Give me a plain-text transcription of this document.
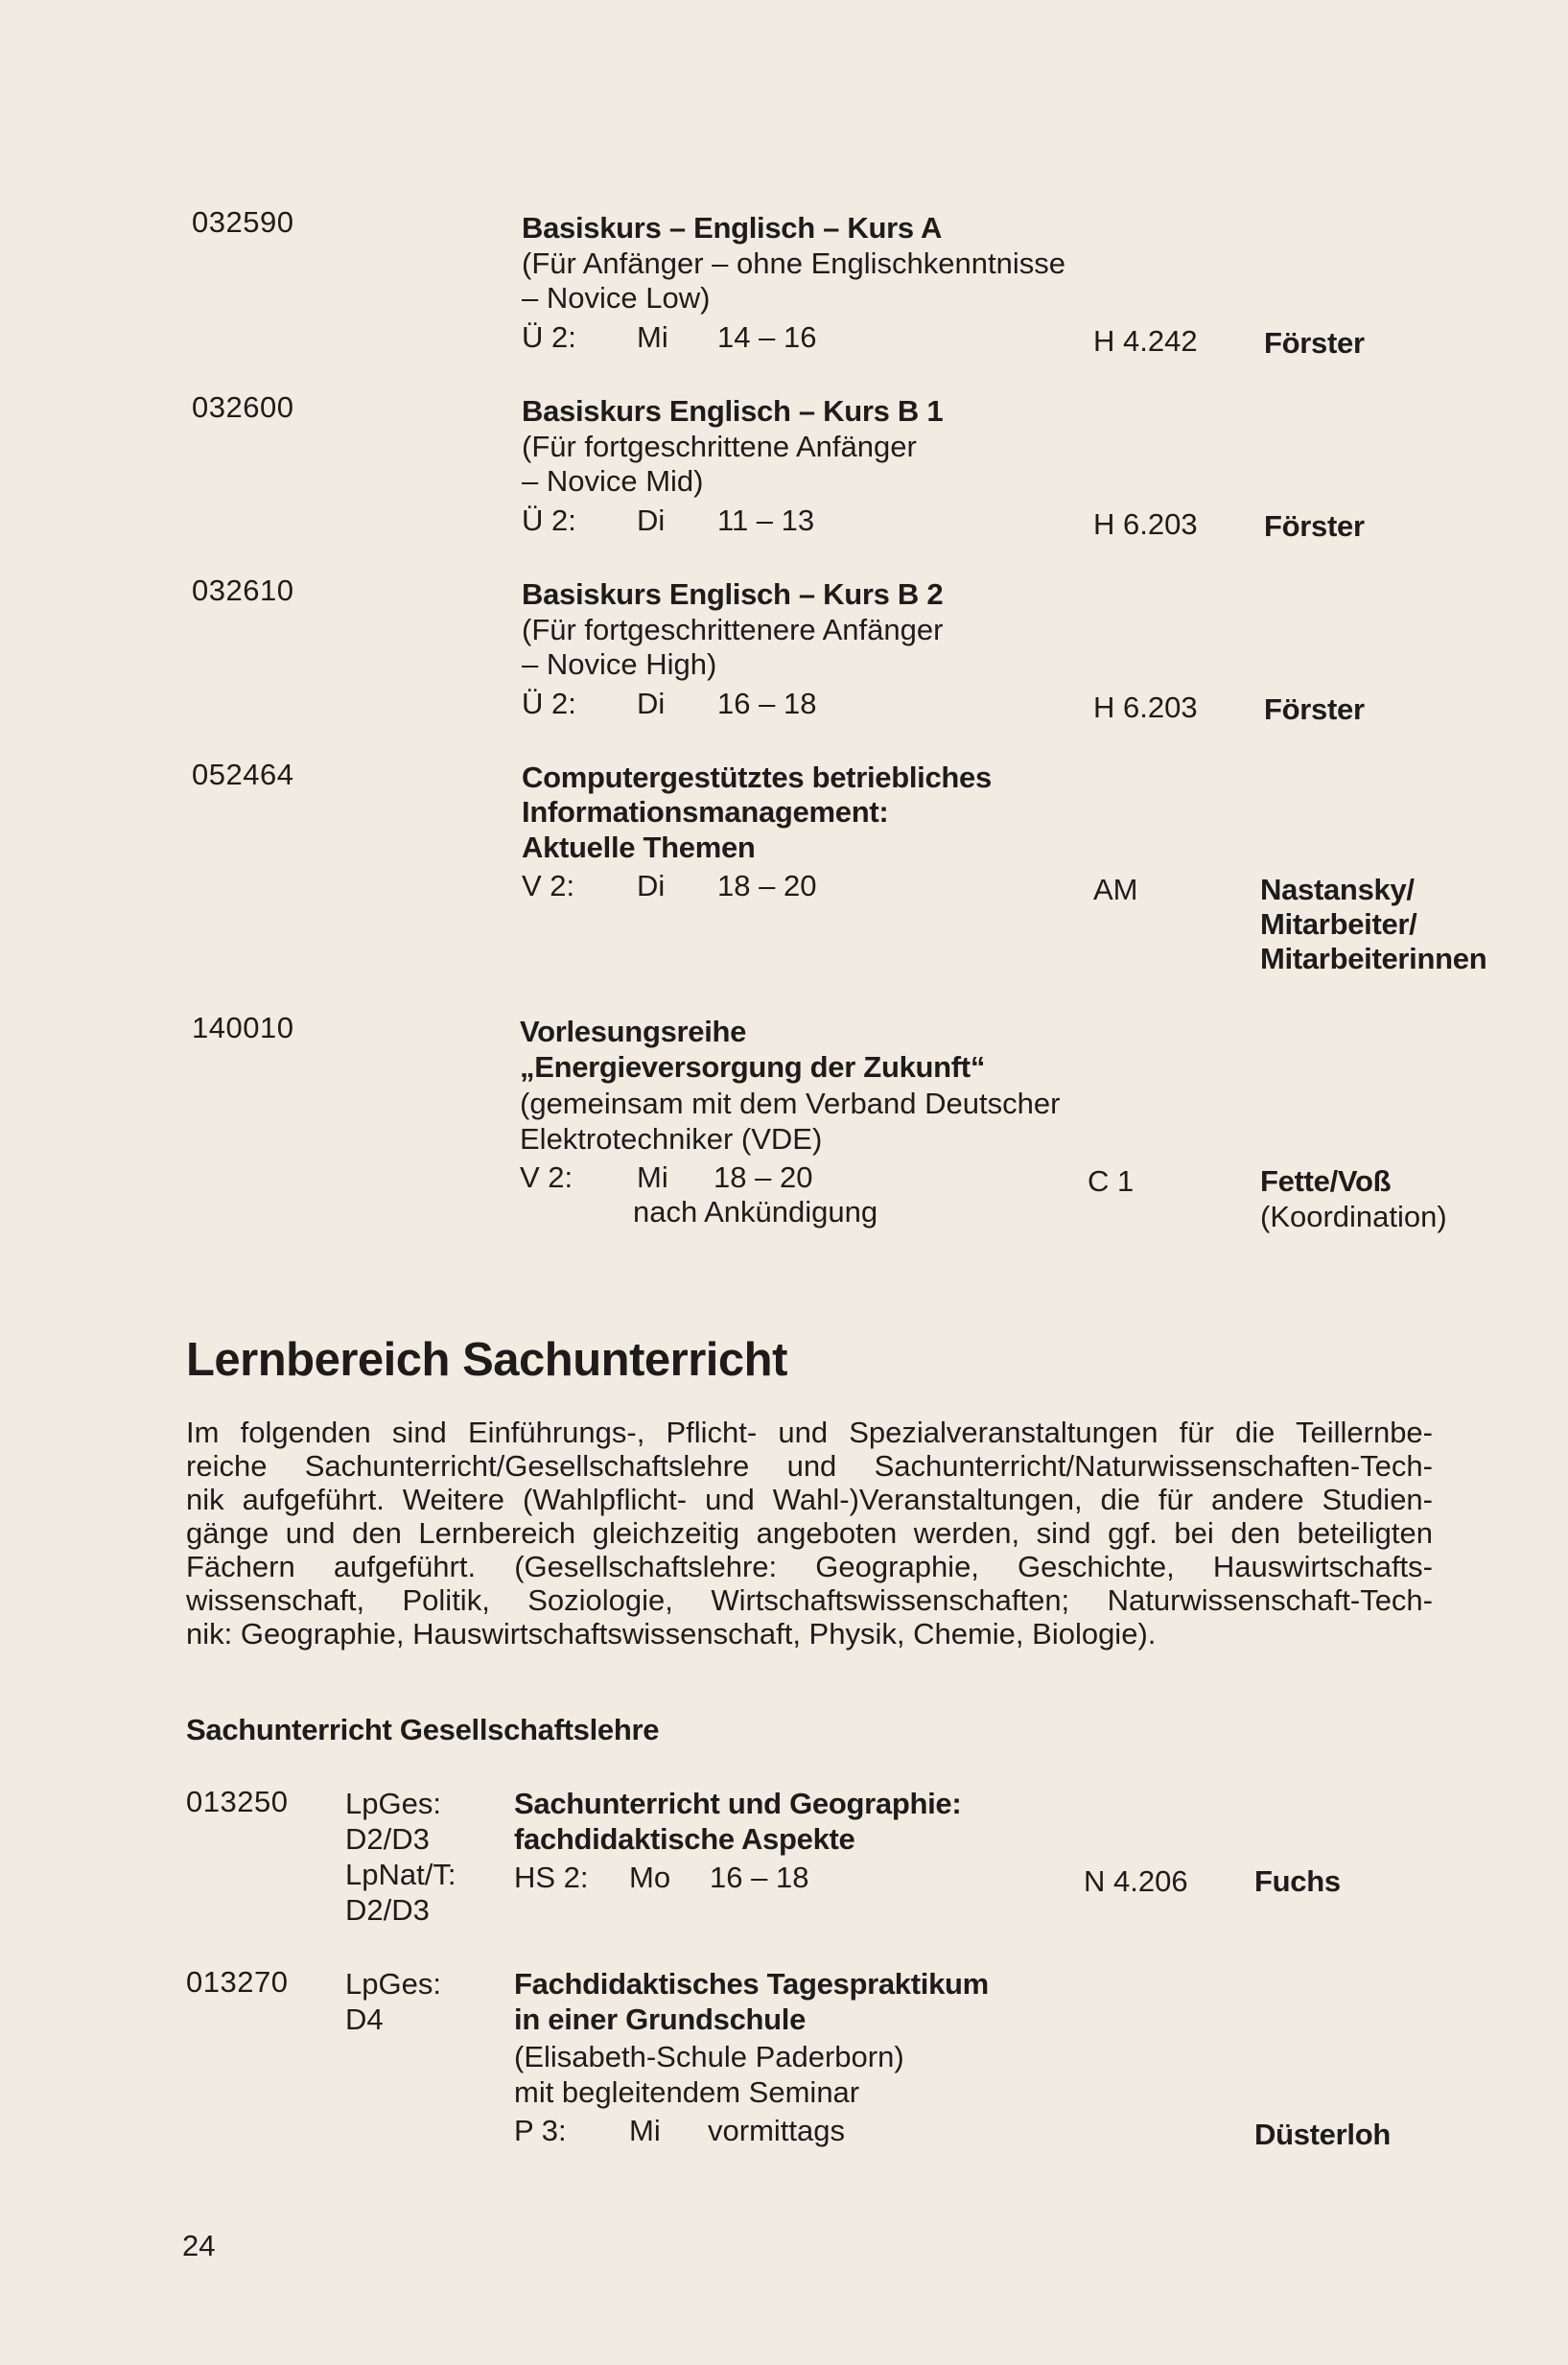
032590	Basiskurs – Englisch – Kurs A
(Für Anfänger – ohne Englischkenntnisse
– Novice Low)
Ü 2: Mi 14 – 16	H 4.242 Förster
032600	Basiskurs Englisch – Kurs B 1
(Für fortgeschrittene Anfänger
– Novice Mid)
Ü 2: Di 11 – 13	H 6.203 Förster
032610	Basiskurs Englisch – Kurs B 2
(Für fortgeschrittenere Anfänger
– Novice High)
Ü 2: Di 16 – 18	H 6.203 Förster
052464	Computergestütztes betriebliches
Informationsmanagement:
Aktuelle Themen
V 2: Di 18 – 20	AM	Nastansky/
Mitarbeiter/
Mitarbeiterinnen
140010	Vorlesungsreihe
„Energieversorgung der Zukunft“
(gemeinsam mit dem Verband Deutscher
Elektrotechniker (VDE)
V 2: Mi 18 – 20
nach Ankündigung
C 1	Fette/Voß
(Koordination)
Lernbereich Sachunterricht
Im folgenden sind Einführungs-, Pflicht- und Spezialveranstaltungen für die Teillernbe-
reiche Sachunterricht/Gesellschaftslehre und Sachunterricht/Naturwissenschaften-Tech-
nik aufgeführt. Weitere (Wahlpflicht- und Wahl-)Veranstaltungen, die für andere Studien-
gänge und den Lernbereich gleichzeitig angeboten werden, sind ggf. bei den beteiligten
Fächern aufgeführt. (Gesellschaftslehre: Geographie, Geschichte, Hauswirtschafts-
wissenschaft, Politik, Soziologie, Wirtschaftswissenschaften; Naturwissenschaft-Tech-
nik: Geographie, Hauswirtschaftswissenschaft, Physik, Chemie, Biologie).
Sachunterricht Gesellschaftslehre
013250 LpGes:
D2/D3
LpNat/T:
D2/D3
Sachunterricht und Geographie:
fachdidaktische Aspekte
HS 2: Mo 16 – 18	N 4.206 Fuchs
013270 LpGes:
D4
Fachdidaktisches Tagespraktikum
in einer Grundschule
(Elisabeth-Schule Paderborn)
mit begleitendem Seminar
P 3: Mi vormittags	Düsterloh
24
